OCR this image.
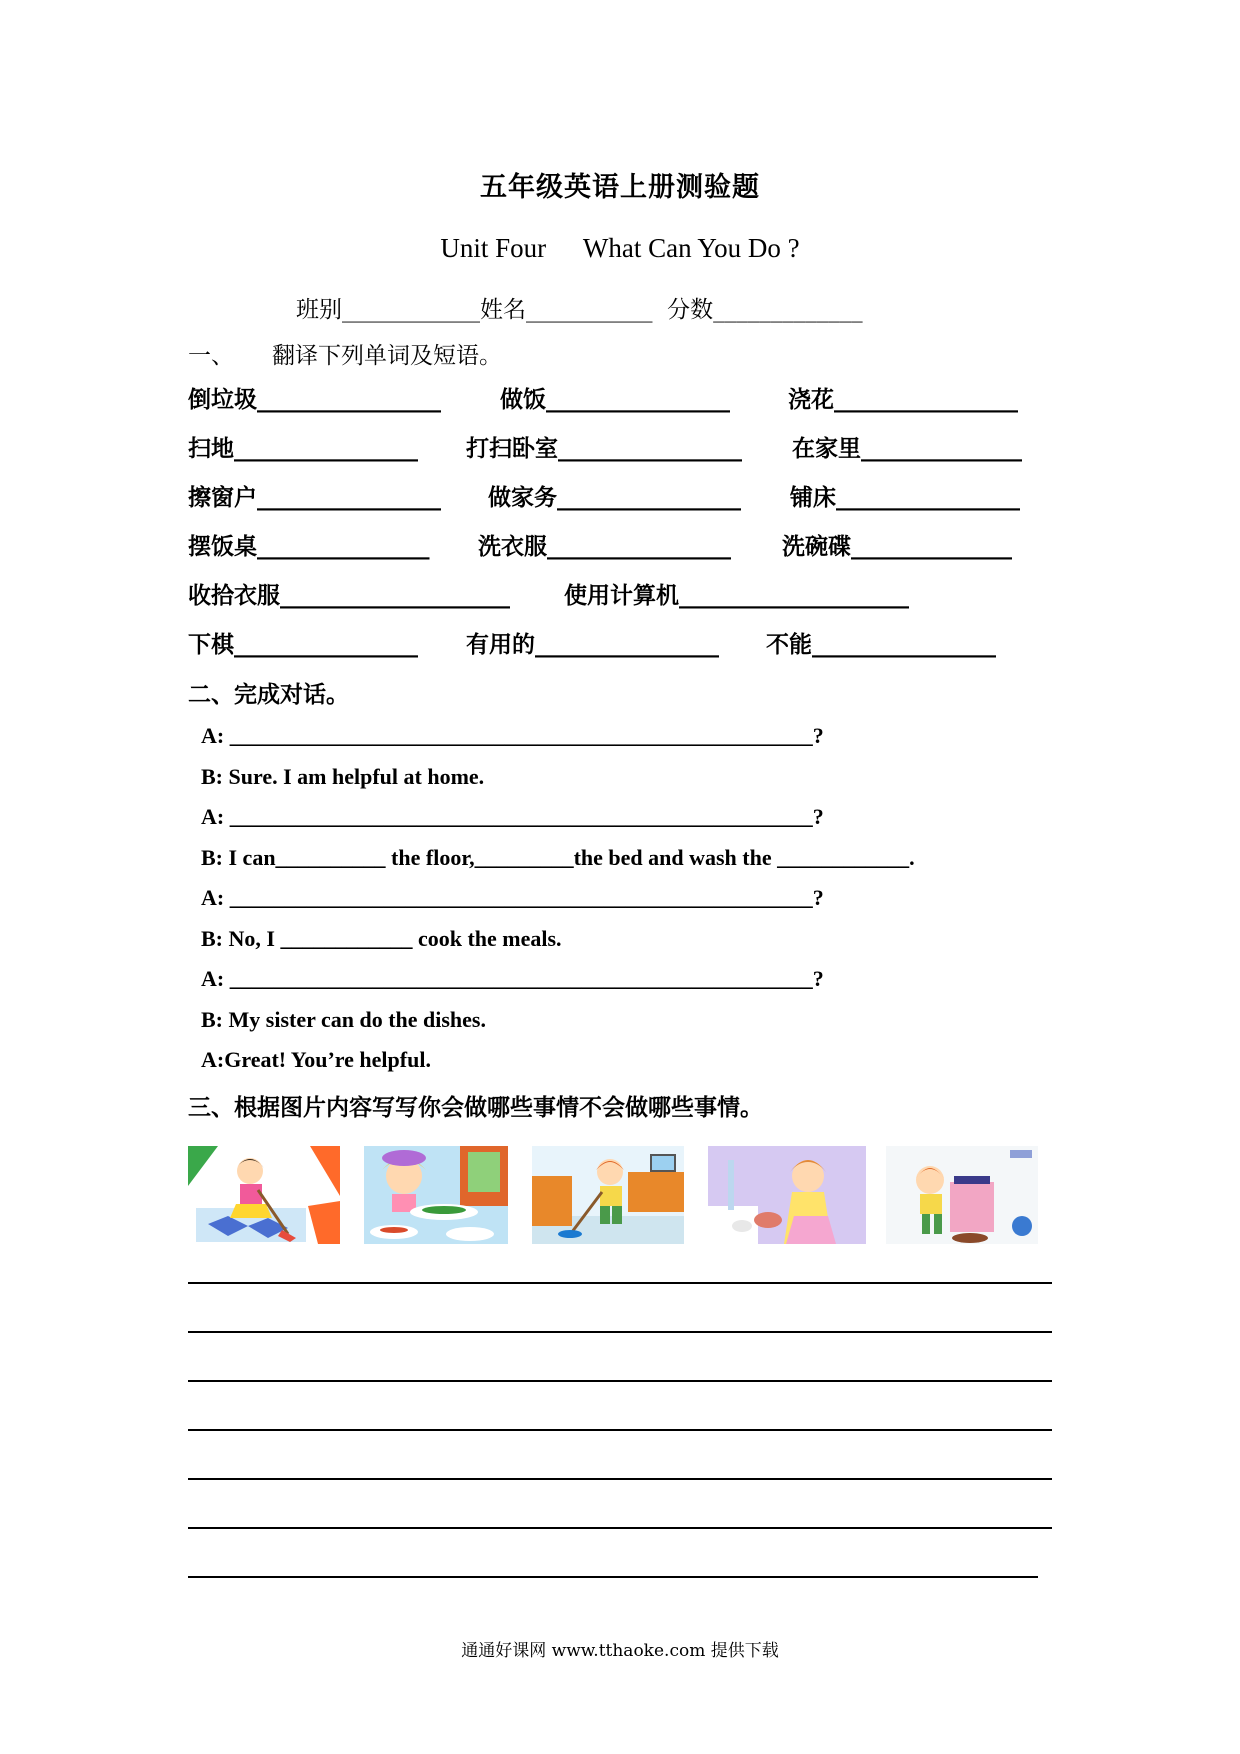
五年级英语上册测验题
Unit Four What Can You Do ?
班别____________姓名___________  分数_____________
一、 翻译下列单词及短语。

倒垃圾________________

	做饭________________

	浇花________________

扫地________________

打扫卧室________________

在家里______________

擦窗户________________

做家务________________

铺床________________

摆饭桌_______________

洗衣服________________

洗碗碟______________

收拾衣服____________________

使用计算机____________________

下棋________________

有用的________________

不能________________

二、完成对话。
A: _____________________________________________________?
B: Sure. I am helpful at home.
A: _____________________________________________________?
B: I can__________ the floor,_________the bed and wash the ____________.
A: _____________________________________________________?
B: No, I ____________ cook the meals.
A: _____________________________________________________?
B: My sister can do the dishes.
A:Great! You’re helpful.
三、根据图片内容写写你会做哪些事情不会做哪些事情。
通通好课网 www.tthaoke.com 提供下载
